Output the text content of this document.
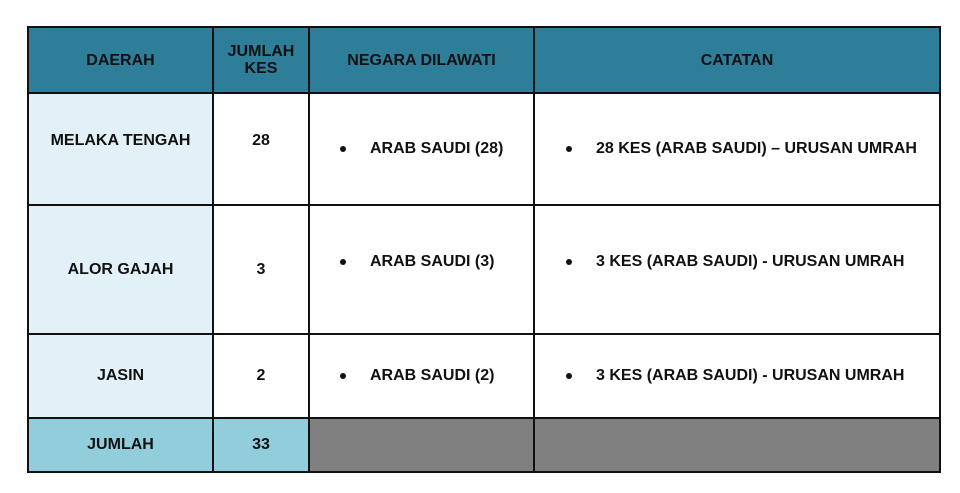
DAERAH	JUMLAH KES	NEGARA DILAWATI	CATATAN
MELAKA TENGAH	28	ARAB SAUDI (28)	28 KES (ARAB SAUDI) – URUSAN UMRAH
ALOR GAJAH	3	ARAB SAUDI (3)	3 KES (ARAB SAUDI) - URUSAN UMRAH
JASIN	2	ARAB SAUDI (2)	3 KES (ARAB SAUDI) - URUSAN UMRAH
JUMLAH	33
